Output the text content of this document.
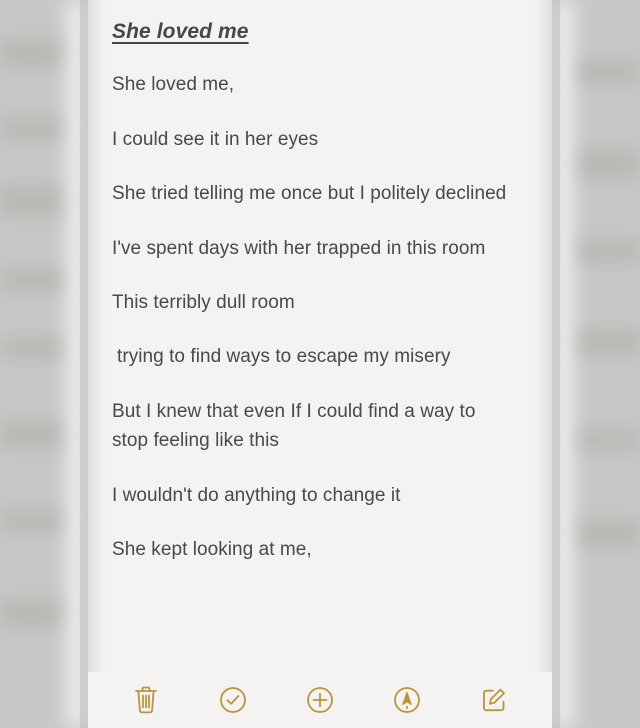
She loved me

She loved me,

I could see it in her eyes

She tried telling me once but I politely declined

I've spent days with her trapped in this room

This terribly dull room

trying to find ways to escape my misery

But I knew that even If I could find a way to stop feeling like this

I wouldn't do anything to change it

She kept looking at me,
